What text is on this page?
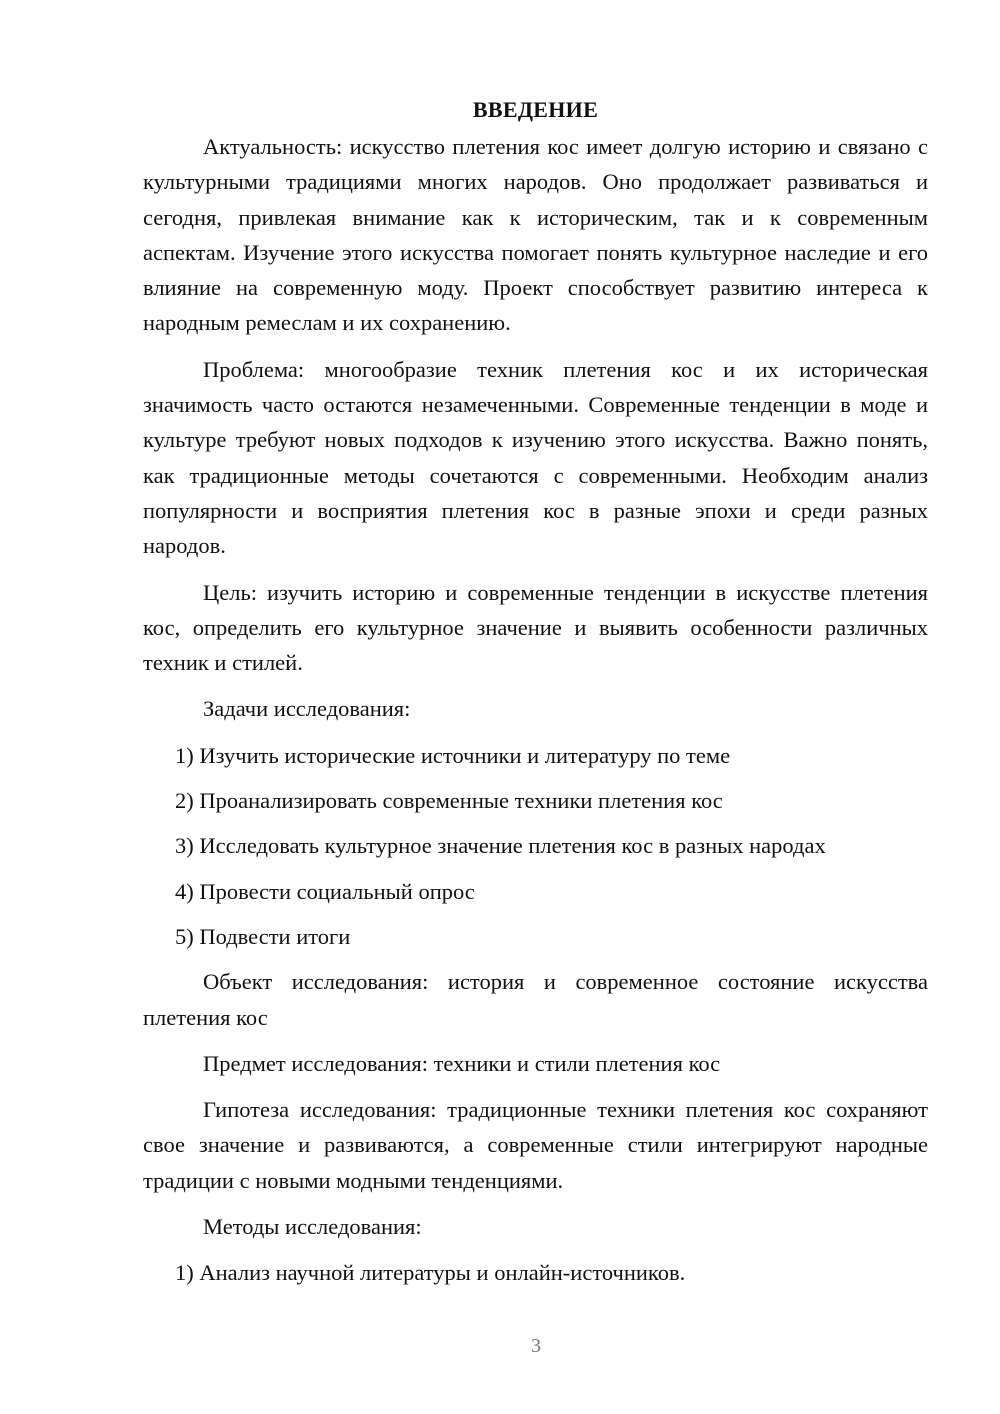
ВВЕДЕНИЕ

Актуальность: искусство плетения кос имеет долгую историю и связано с культурными традициями многих народов. Оно продолжает развиваться и сегодня, привлекая внимание как к историческим, так и к современным аспектам. Изучение этого искусства помогает понять культурное наследие и его влияние на современную моду. Проект способствует развитию интереса к народным ремеслам и их сохранению.

Проблема: многообразие техник плетения кос и их историческая значимость часто остаются незамеченными. Современные тенденции в моде и культуре требуют новых подходов к изучению этого искусства. Важно понять, как традиционные методы сочетаются с современными. Необходим анализ популярности и восприятия плетения кос в разные эпохи и среди разных народов.

Цель: изучить историю и современные тенденции в искусстве плетения кос, определить его культурное значение и выявить особенности различных техник и стилей.

Задачи исследования:

1) Изучить исторические источники и литературу по теме

2) Проанализировать современные техники плетения кос

3) Исследовать культурное значение плетения кос в разных народах

4) Провести социальный опрос

5) Подвести итоги

Объект исследования: история и современное состояние искусства плетения кос

Предмет исследования: техники и стили плетения кос

Гипотеза исследования: традиционные техники плетения кос сохраняют свое значение и развиваются, а современные стили интегрируют народные традиции с новыми модными тенденциями.

Методы исследования:

1) Анализ научной литературы и онлайн-источников.

3
